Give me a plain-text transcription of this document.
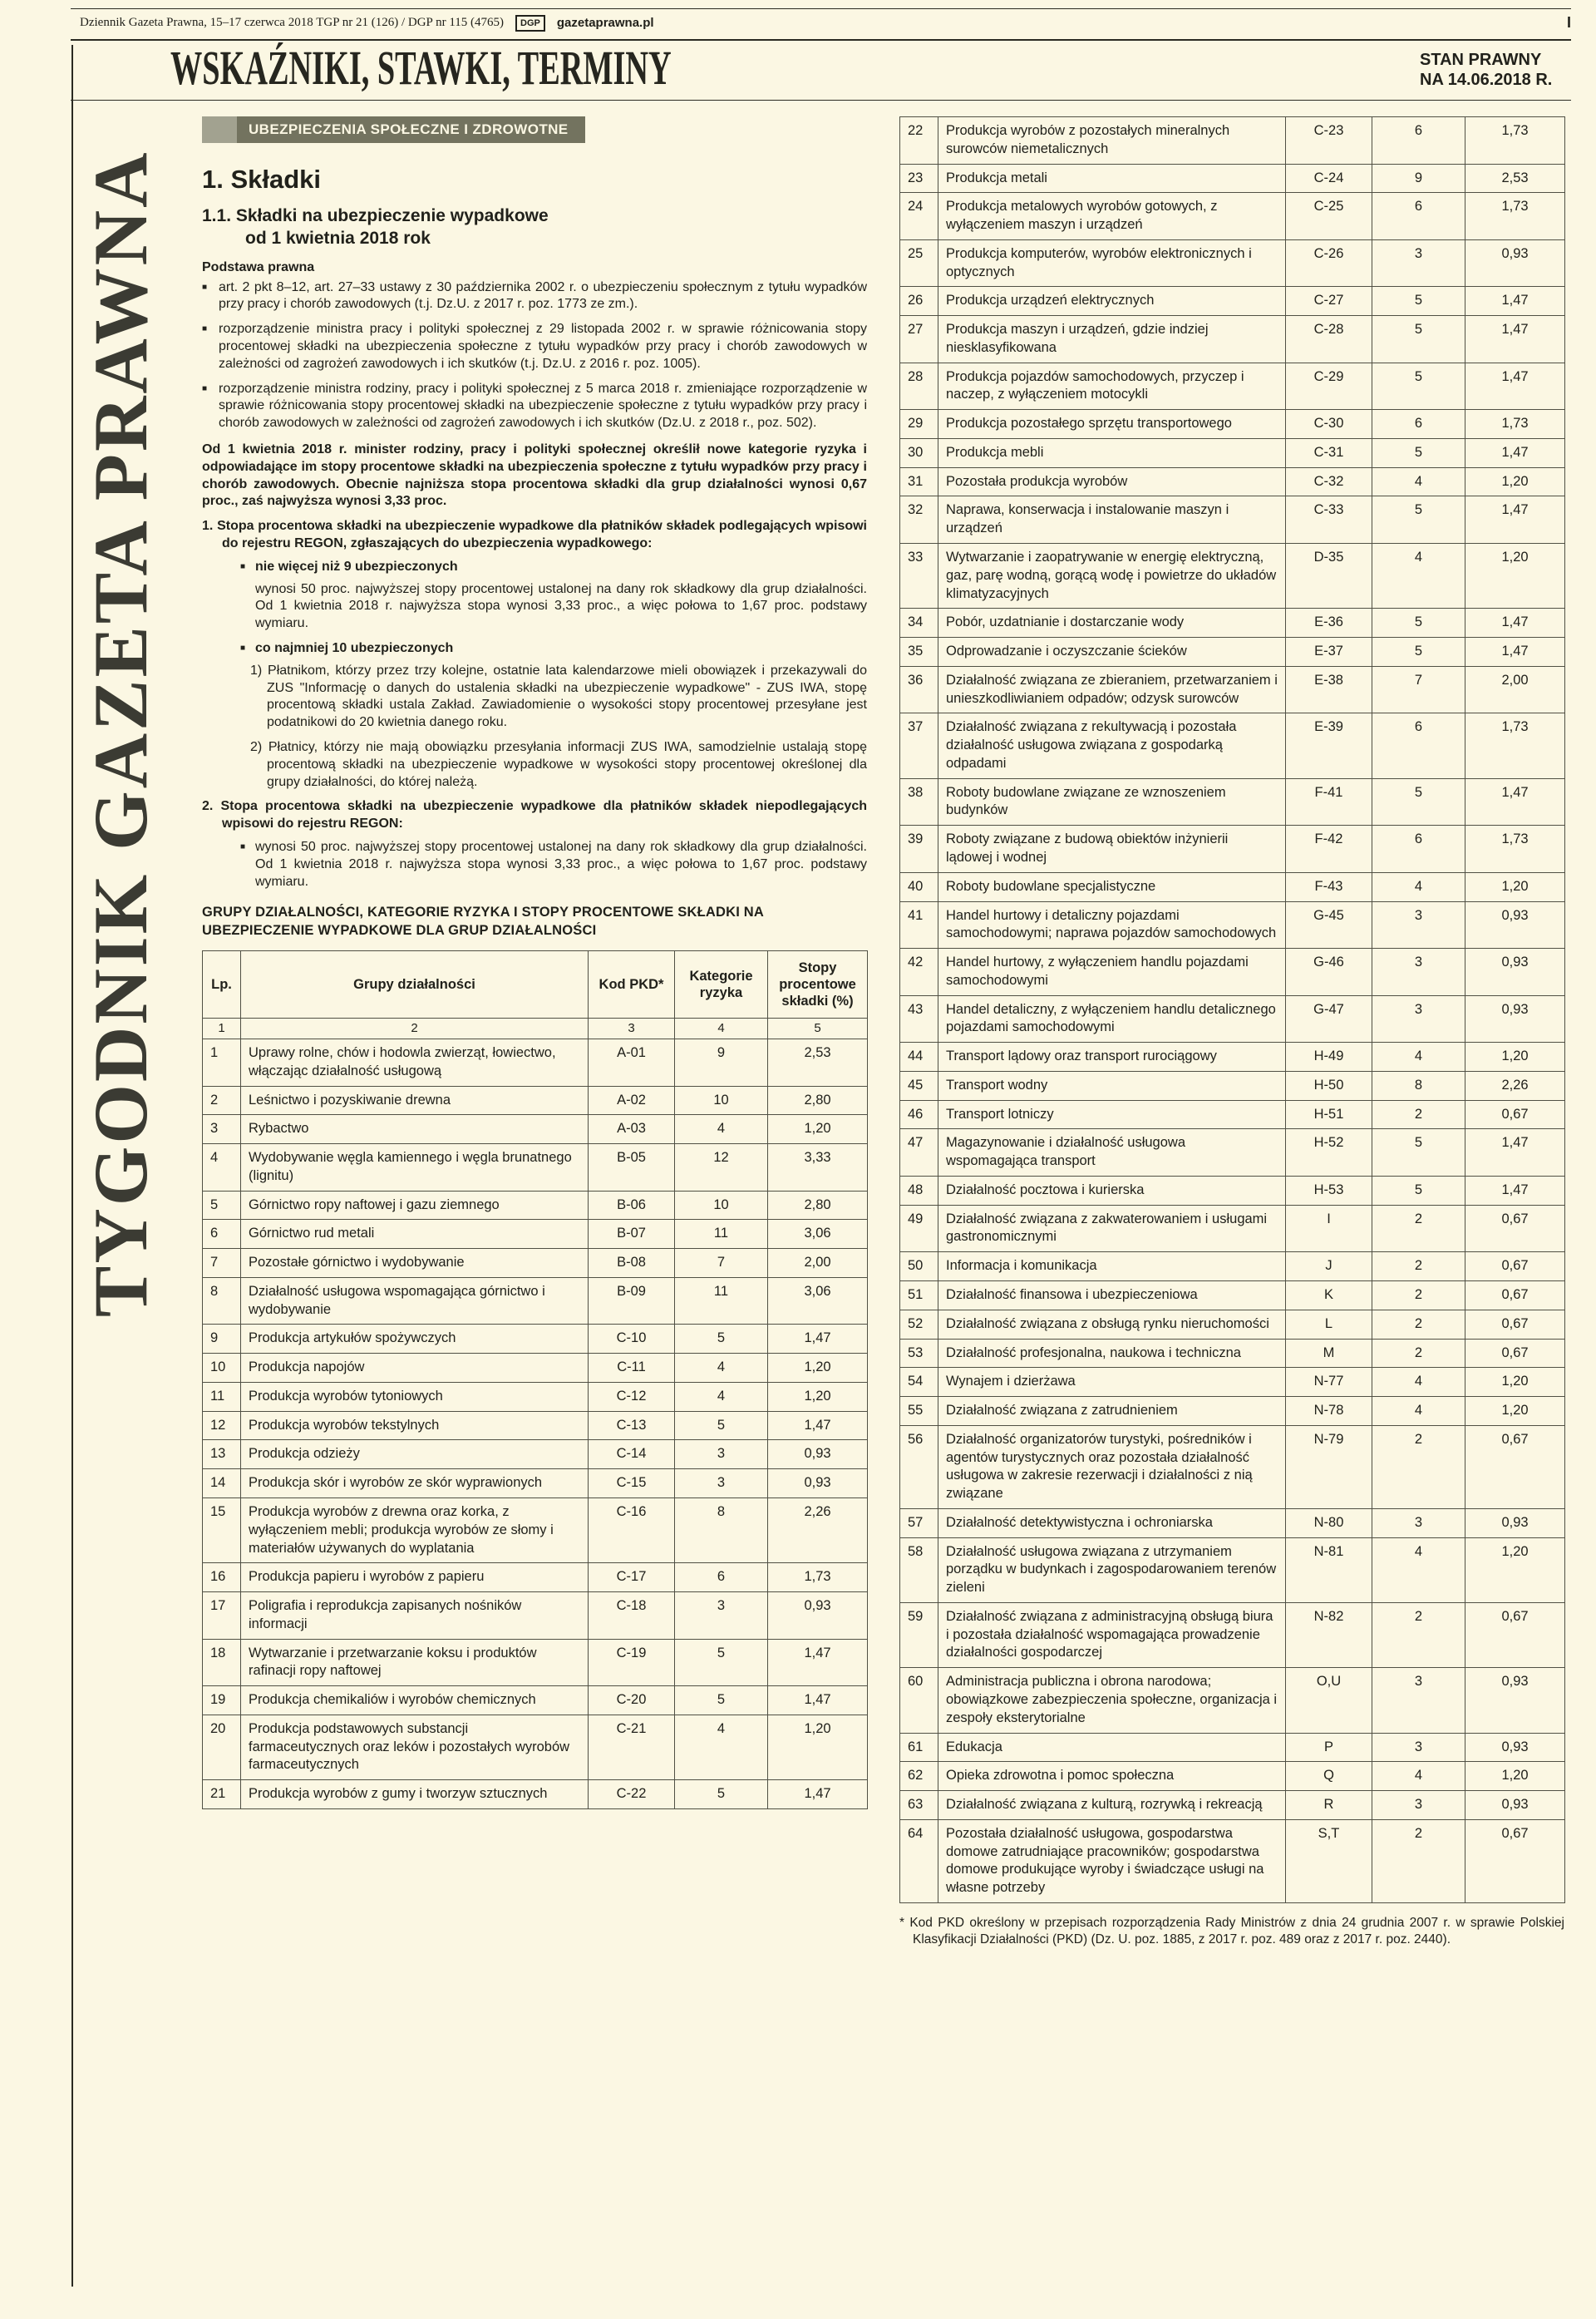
Dziennik Gazeta Prawna, 15–17 czerwca 2018 TGP nr 21 (126) / DGP nr 115 (4765)	DGP	gazetaprawna.pl	I
WSKAŹNIKI, STAWKI, TERMINY	STAN PRAWNY
NA 14.06.2018 R.
TYGODNIK GAZETA PRAWNA
UBEZPIECZENIA SPOŁECZNE I ZDROWOTNE
1. Składki
1.1. Składki na ubezpieczenie wypadkowe
od 1 kwietnia 2018 rok
Podstawa prawna

■ art. 2 pkt 8–12, art. 27–33 ustawy z 30 października 2002 r. o ubezpieczeniu społecznym z tytułu wypadków przy pracy i chorób zawodowych (t.j. Dz.U. z 2017 r. poz. 1773 ze zm.).

■ rozporządzenie ministra pracy i polityki społecznej z 29 listopada 2002 r. w sprawie różnicowania stopy procentowej składki na ubezpieczenia społeczne z tytułu wypadków przy pracy i chorób zawodowych w zależności od zagrożeń zawodowych i ich skutków (t.j. Dz.U. z 2016 r. poz. 1005).

■ rozporządzenie ministra rodziny, pracy i polityki społecznej z 5 marca 2018 r. zmieniające rozporządzenie w sprawie różnicowania stopy procentowej składki na ubezpieczenie społeczne z tytułu wypadków przy pracy i chorób zawodowych w zależności od zagrożeń zawodowych i ich skutków (Dz.U. z 2018 r., poz. 502).

Od 1 kwietnia 2018 r. minister rodziny, pracy i polityki społecznej określił nowe kategorie ryzyka i odpowiadające im stopy procentowe składki na ubezpieczenia społeczne z tytułu wypadków przy pracy i chorób zawodowych. Obecnie najniższa stopa procentowa składki dla grup działalności wynosi 0,67 proc., zaś najwyższa wynosi 3,33 proc.

1. Stopa procentowa składki na ubezpieczenie wypadkowe dla płatników składek podlegających wpisowi do rejestru REGON, zgłaszających do ubezpieczenia wypadkowego:

■ nie więcej niż 9 ubezpieczonych

wynosi 50 proc. najwyższej stopy procentowej ustalonej na dany rok składkowy dla grup działalności. Od 1 kwietnia 2018 r. najwyższa stopa wynosi 3,33 proc., a więc połowa to 1,67 proc. podstawy wymiaru.

■ co najmniej 10 ubezpieczonych

1) Płatnikom, którzy przez trzy kolejne, ostatnie lata kalendarzowe mieli obowiązek i przekazywali do ZUS "Informację o danych do ustalenia składki na ubezpieczenie wypadkowe" - ZUS IWA, stopę procentową składki ustala Zakład. Zawiadomienie o wysokości stopy procentowej przesyłane jest podatnikowi do 20 kwietnia danego roku.

2) Płatnicy, którzy nie mają obowiązku przesyłania informacji ZUS IWA, samodzielnie ustalają stopę procentową składki na ubezpieczenie wypadkowe w wysokości stopy procentowej określonej dla grupy działalności, do której należą.

2. Stopa procentowa składki na ubezpieczenie wypadkowe dla płatników składek niepodlegających wpisowi do rejestru REGON:

■ wynosi 50 proc. najwyższej stopy procentowej ustalonej na dany rok składkowy dla grup działalności. Od 1 kwietnia 2018 r. najwyższa stopa wynosi 3,33 proc., a więc połowa to 1,67 proc. podstawy wymiaru.

GRUPY DZIAŁALNOŚCI, KATEGORIE RYZYKA I STOPY PROCENTOWE SKŁADKI NA UBEZPIECZENIE WYPADKOWE DLA GRUP DZIAŁALNOŚCI
Lp.	Grupy działalności	Kod PKD*	Kategorie ryzyka	Stopy procentowe składki (%)
1	2	3	4	5
1	Uprawy rolne, chów i hodowla zwierząt, łowiectwo, włączając działalność usługową	A-01	9	2,53
2	Leśnictwo i pozyskiwanie drewna	A-02	10	2,80
3	Rybactwo	A-03	4	1,20
4	Wydobywanie węgla kamiennego i węgla brunatnego (lignitu)	B-05	12	3,33
5	Górnictwo ropy naftowej i gazu ziemnego	B-06	10	2,80
6	Górnictwo rud metali	B-07	11	3,06
7	Pozostałe górnictwo i wydobywanie	B-08	7	2,00
8	Działalność usługowa wspomagająca górnictwo i wydobywanie	B-09	11	3,06
9	Produkcja artykułów spożywczych	C-10	5	1,47
10	Produkcja napojów	C-11	4	1,20
11	Produkcja wyrobów tytoniowych	C-12	4	1,20
12	Produkcja wyrobów tekstylnych	C-13	5	1,47
13	Produkcja odzieży	C-14	3	0,93
14	Produkcja skór i wyrobów ze skór wyprawionych	C-15	3	0,93
15	Produkcja wyrobów z drewna oraz korka, z wyłączeniem mebli; produkcja wyrobów ze słomy i materiałów używanych do wyplatania	C-16	8	2,26
16	Produkcja papieru i wyrobów z papieru	C-17	6	1,73
17	Poligrafia i reprodukcja zapisanych nośników informacji	C-18	3	0,93
18	Wytwarzanie i przetwarzanie koksu i produktów rafinacji ropy naftowej	C-19	5	1,47
19	Produkcja chemikaliów i wyrobów chemicznych	C-20	5	1,47
20	Produkcja podstawowych substancji farmaceutycznych oraz leków i pozostałych wyrobów farmaceutycznych	C-21	4	1,20
21	Produkcja wyrobów z gumy i tworzyw sztucznych	C-22	5	1,47
22	Produkcja wyrobów z pozostałych mineralnych surowców niemetalicznych	C-23	6	1,73
23	Produkcja metali	C-24	9	2,53
24	Produkcja metalowych wyrobów gotowych, z wyłączeniem maszyn i urządzeń	C-25	6	1,73
25	Produkcja komputerów, wyrobów elektronicznych i optycznych	C-26	3	0,93
26	Produkcja urządzeń elektrycznych	C-27	5	1,47
27	Produkcja maszyn i urządzeń, gdzie indziej niesklasyfikowana	C-28	5	1,47
28	Produkcja pojazdów samochodowych, przyczep i naczep, z wyłączeniem motocykli	C-29	5	1,47
29	Produkcja pozostałego sprzętu transportowego	C-30	6	1,73
30	Produkcja mebli	C-31	5	1,47
31	Pozostała produkcja wyrobów	C-32	4	1,20
32	Naprawa, konserwacja i instalowanie maszyn i urządzeń	C-33	5	1,47
33	Wytwarzanie i zaopatrywanie w energię elektryczną, gaz, parę wodną, gorącą wodę i powietrze do układów klimatyzacyjnych	D-35	4	1,20
34	Pobór, uzdatnianie i dostarczanie wody	E-36	5	1,47
35	Odprowadzanie i oczyszczanie ścieków	E-37	5	1,47
36	Działalność związana ze zbieraniem, przetwarzaniem i unieszkodliwianiem odpadów; odzysk surowców	E-38	7	2,00
37	Działalność związana z rekultywacją i pozostała działalność usługowa związana z gospodarką odpadami	E-39	6	1,73
38	Roboty budowlane związane ze wznoszeniem budynków	F-41	5	1,47
39	Roboty związane z budową obiektów inżynierii lądowej i wodnej	F-42	6	1,73
40	Roboty budowlane specjalistyczne	F-43	4	1,20
41	Handel hurtowy i detaliczny pojazdami samochodowymi; naprawa pojazdów samochodowych	G-45	3	0,93
42	Handel hurtowy, z wyłączeniem handlu pojazdami samochodowymi	G-46	3	0,93
43	Handel detaliczny, z wyłączeniem handlu detalicznego pojazdami samochodowymi	G-47	3	0,93
44	Transport lądowy oraz transport rurociągowy	H-49	4	1,20
45	Transport wodny	H-50	8	2,26
46	Transport lotniczy	H-51	2	0,67
47	Magazynowanie i działalność usługowa wspomagająca transport	H-52	5	1,47
48	Działalność pocztowa i kurierska	H-53	5	1,47
49	Działalność związana z zakwaterowaniem i usługami gastronomicznymi	I	2	0,67
50	Informacja i komunikacja	J	2	0,67
51	Działalność finansowa i ubezpieczeniowa	K	2	0,67
52	Działalność związana z obsługą rynku nieruchomości	L	2	0,67
53	Działalność profesjonalna, naukowa i techniczna	M	2	0,67
54	Wynajem i dzierżawa	N-77	4	1,20
55	Działalność związana z zatrudnieniem	N-78	4	1,20
56	Działalność organizatorów turystyki, pośredników i agentów turystycznych oraz pozostała działalność usługowa w zakresie rezerwacji i działalności z nią związane	N-79	2	0,67
57	Działalność detektywistyczna i ochroniarska	N-80	3	0,93
58	Działalność usługowa związana z utrzymaniem porządku w budynkach i zagospodarowaniem terenów zieleni	N-81	4	1,20
59	Działalność związana z administracyjną obsługą biura i pozostała działalność wspomagająca prowadzenie działalności gospodarczej	N-82	2	0,67
60	Administracja publiczna i obrona narodowa; obowiązkowe zabezpieczenia społeczne, organizacja i zespoły eksterytorialne	O,U	3	0,93
61	Edukacja	P	3	0,93
62	Opieka zdrowotna i pomoc społeczna	Q	4	1,20
63	Działalność związana z kulturą, rozrywką i rekreacją	R	3	0,93
64	Pozostała działalność usługowa, gospodarstwa domowe zatrudniające pracowników; gospodarstwa domowe produkujące wyroby i świadczące usługi na własne potrzeby	S,T	2	0,67

* Kod PKD określony w przepisach rozporządzenia Rady Ministrów z dnia 24 grudnia 2007 r. w sprawie Polskiej Klasyfikacji Działalności (PKD) (Dz. U. poz. 1885, z 2017 r. poz. 489 oraz z 2017 r. poz. 2440).
